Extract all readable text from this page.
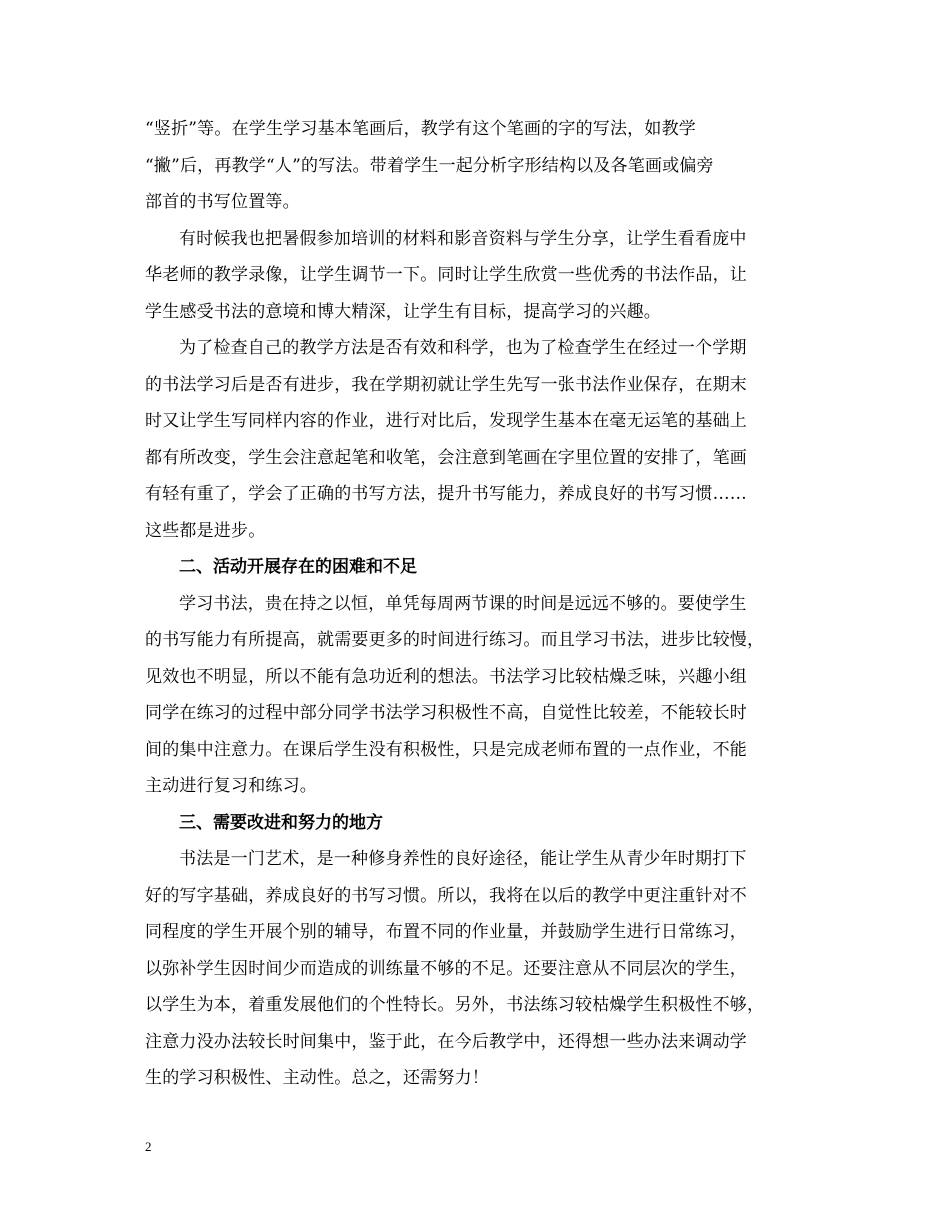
“竖折”等。在学生学习基本笔画后，教学有这个笔画的字的写法，如教学
“撇”后，再教学“人”的写法。带着学生一起分析字形结构以及各笔画或偏旁
部首的书写位置等。

有时候我也把暑假参加培训的材料和影音资料与学生分享，让学生看看庞中
华老师的教学录像，让学生调节一下。同时让学生欣赏一些优秀的书法作品，让
学生感受书法的意境和博大精深，让学生有目标，提高学习的兴趣。

为了检查自己的教学方法是否有效和科学，也为了检查学生在经过一个学期
的书法学习后是否有进步，我在学期初就让学生先写一张书法作业保存，在期末
时又让学生写同样内容的作业，进行对比后，发现学生基本在毫无运笔的基础上
都有所改变，学生会注意起笔和收笔，会注意到笔画在字里位置的安排了，笔画
有轻有重了，学会了正确的书写方法，提升书写能力，养成良好的书写习惯……
这些都是进步。

二、活动开展存在的困难和不足

学习书法，贵在持之以恒，单凭每周两节课的时间是远远不够的。要使学生
的书写能力有所提高，就需要更多的时间进行练习。而且学习书法，进步比较慢，
见效也不明显，所以不能有急功近利的想法。书法学习比较枯燥乏味，兴趣小组
同学在练习的过程中部分同学书法学习积极性不高，自觉性比较差，不能较长时
间的集中注意力。在课后学生没有积极性，只是完成老师布置的一点作业，不能
主动进行复习和练习。

三、需要改进和努力的地方

书法是一门艺术，是一种修身养性的良好途径，能让学生从青少年时期打下
好的写字基础，养成良好的书写习惯。所以，我将在以后的教学中更注重针对不
同程度的学生开展个别的辅导，布置不同的作业量，并鼓励学生进行日常练习，
以弥补学生因时间少而造成的训练量不够的不足。还要注意从不同层次的学生，
以学生为本，着重发展他们的个性特长。另外，书法练习较枯燥学生积极性不够，
注意力没办法较长时间集中，鉴于此，在今后教学中，还得想一些办法来调动学
生的学习积极性、主动性。总之，还需努力！

2
